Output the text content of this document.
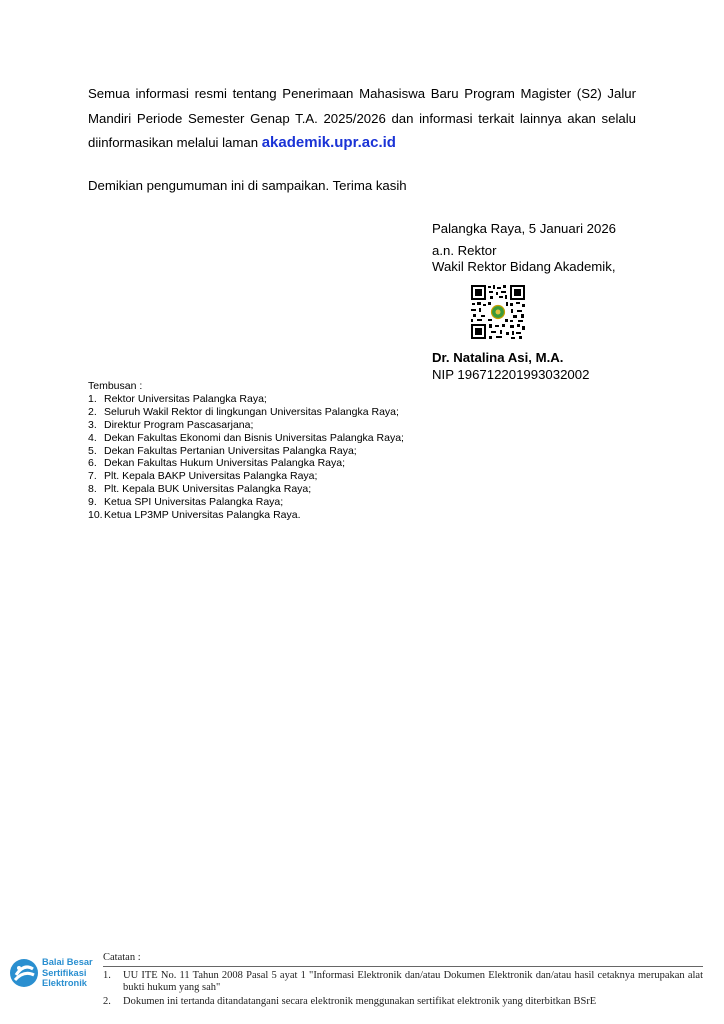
Semua informasi resmi tentang Penerimaan Mahasiswa Baru Program Magister (S2) Jalur Mandiri Periode Semester Genap T.A. 2025/2026 dan informasi terkait lainnya akan selalu diinformasikan melalui laman akademik.upr.ac.id
Demikian pengumuman ini di sampaikan. Terima kasih
Palangka Raya, 5 Januari 2026
a.n. Rektor
Wakil Rektor Bidang Akademik,
Dr. Natalina Asi, M.A.
NIP 196712201993032002
Tembusan :
1. Rektor Universitas Palangka Raya;
2. Seluruh Wakil Rektor di lingkungan Universitas Palangka Raya;
3. Direktur Program Pascasarjana;
4. Dekan Fakultas Ekonomi dan Bisnis Universitas Palangka Raya;
5. Dekan Fakultas Pertanian Universitas Palangka Raya;
6. Dekan Fakultas Hukum Universitas Palangka Raya;
7. Plt. Kepala BAKP Universitas Palangka Raya;
8. Plt. Kepala BUK Universitas Palangka Raya;
9. Ketua SPI Universitas Palangka Raya;
10. Ketua LP3MP Universitas Palangka Raya.
Balai Besar
Sertifikasi
Elektronik
Catatan :
1.	UU ITE No. 11 Tahun 2008 Pasal 5 ayat 1 "Informasi Elektronik dan/atau Dokumen Elektronik dan/atau hasil cetaknya merupakan alat bukti hukum yang sah"
2.	Dokumen ini tertanda ditandatangani secara elektronik menggunakan sertifikat elektronik yang diterbitkan BSrE
